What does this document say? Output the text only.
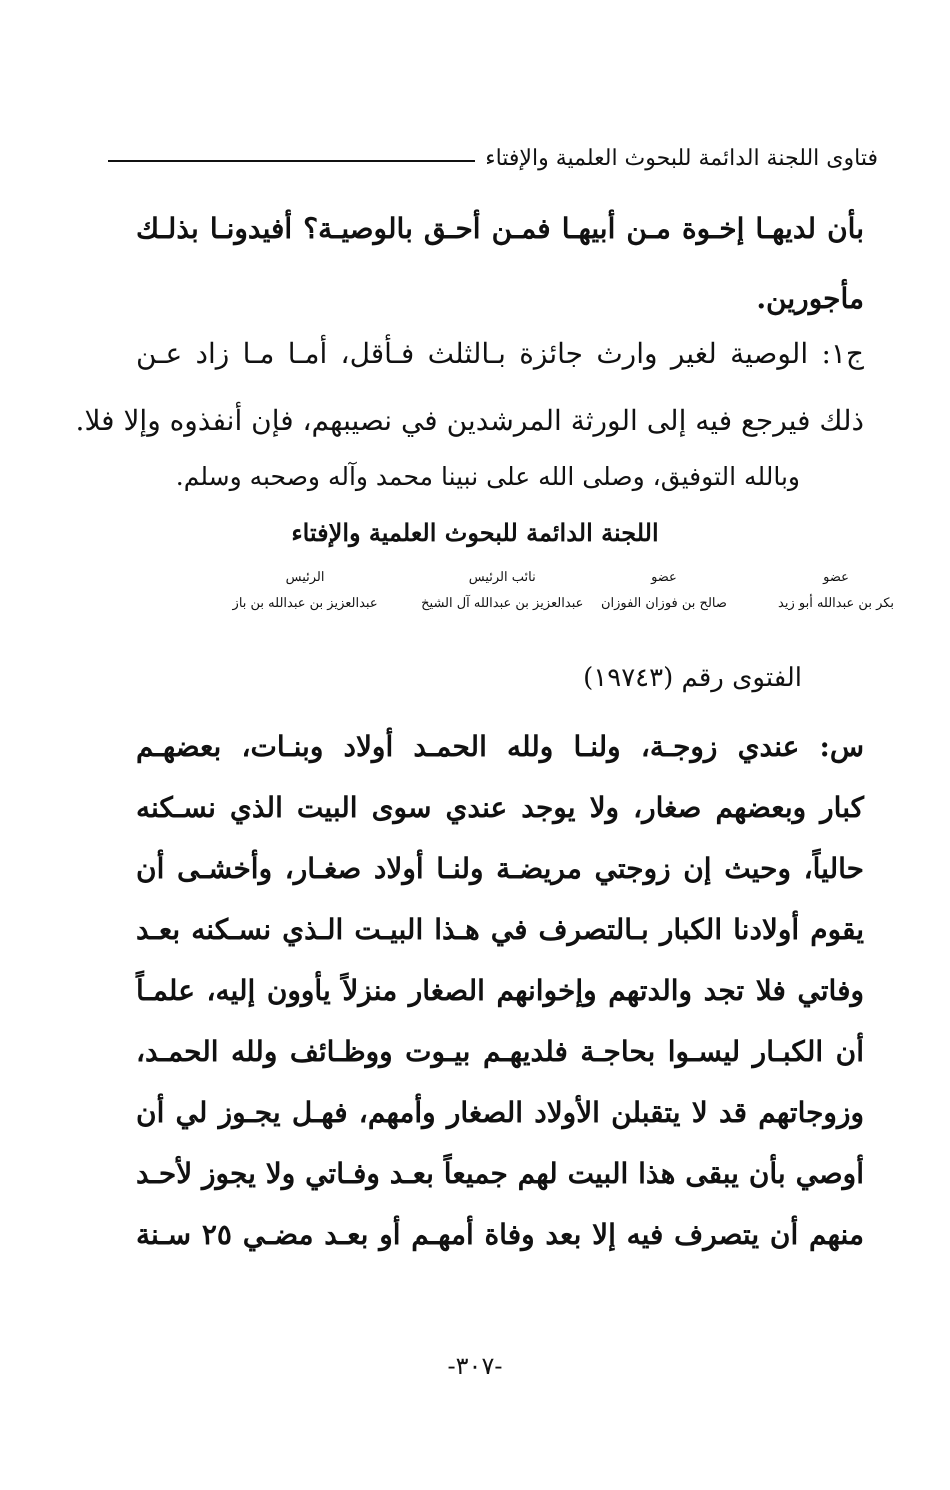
فتاوى اللجنة الدائمة للبحوث العلمية والإفتاء
بأن لديهـا إخـوة مـن أبيهـا فمـن أحـق بالوصيـة؟ أفيدونـا بذلـك
مأجورين.
ج١: الوصية لغير وارث جائزة بـالثلث فـأقل، أمـا مـا زاد عـن
ذلك فيرجع فيه إلى الورثة المرشدين في نصيبهم، فإن أنفذوه وإلا فلا.
وبالله التوفيق، وصلى الله على نبينا محمد وآله وصحبه وسلم.
اللجنة الدائمة للبحوث العلمية والإفتاء
الرئيس
عبدالعزيز بن عبدالله بن باز
نائب الرئيس
عبدالعزيز بن عبدالله آل الشيخ
عضو
صالح بن فوزان الفوزان
عضو
بكر بن عبدالله أبو زيد
الفتوى رقم (١٩٧٤٣)
س: عندي زوجـة، ولنـا ولله الحمـد أولاد وبنـات، بعضهـم
كبار وبعضهم صغار، ولا يوجد عندي سوى البيت الذي نسـكنه
حالياً، وحيث إن زوجتي مريضـة ولنـا أولاد صغـار، وأخشـى أن
يقوم أولادنا الكبار بـالتصرف في هـذا البيـت الـذي نسـكنه بعـد
وفاتي فلا تجد والدتهم وإخوانهم الصغار منزلاً يأوون إليه، علمـاً
أن الكبـار ليسـوا بحاجـة فلديهـم بيـوت ووظـائف ولله الحمـد،
وزوجاتهم قد لا يتقبلن الأولاد الصغار وأمهم، فهـل يجـوز لي أن
أوصي بأن يبقى هذا البيت لهم جميعاً بعـد وفـاتي ولا يجوز لأحـد
منهم أن يتصرف فيه إلا بعد وفاة أمهـم أو بعـد مضـي ٢٥ سـنة
-٣٠٧-
